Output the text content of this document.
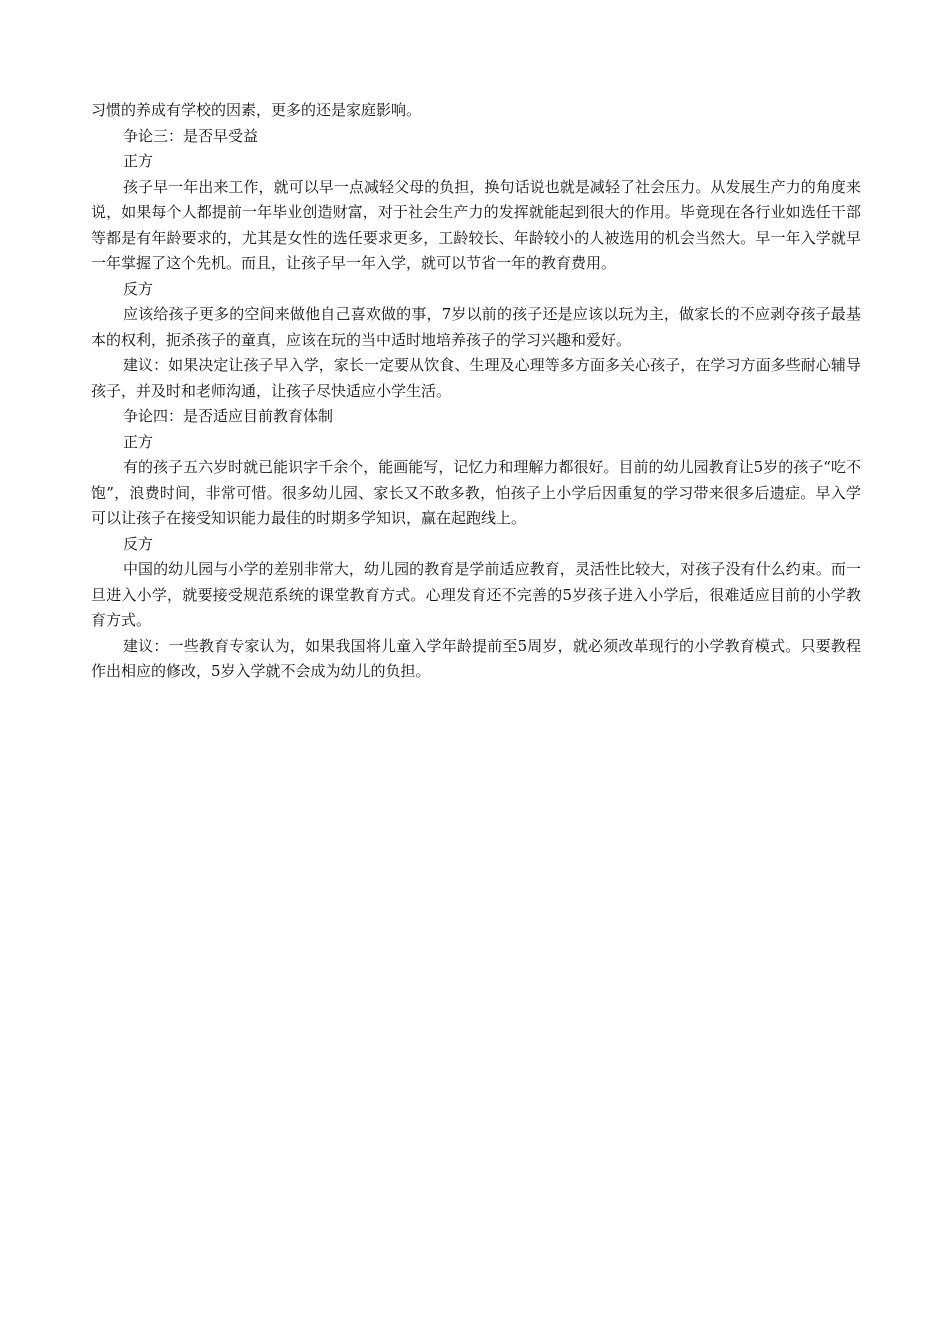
习惯的养成有学校的因素，更多的还是家庭影响。

争论三：是否早受益

正方

孩子早一年出来工作，就可以早一点减轻父母的负担，换句话说也就是减轻了社会压力。从发展生产力的角度来说，如果每个人都提前一年毕业创造财富，对于社会生产力的发挥就能起到很大的作用。毕竟现在各行业如选任干部等都是有年龄要求的，尤其是女性的选任要求更多，工龄较长、年龄较小的人被选用的机会当然大。早一年入学就早一年掌握了这个先机。而且，让孩子早一年入学，就可以节省一年的教育费用。

反方

应该给孩子更多的空间来做他自己喜欢做的事，7岁以前的孩子还是应该以玩为主，做家长的不应剥夺孩子最基本的权利，扼杀孩子的童真，应该在玩的当中适时地培养孩子的学习兴趣和爱好。

建议：如果决定让孩子早入学，家长一定要从饮食、生理及心理等多方面多关心孩子，在学习方面多些耐心辅导孩子，并及时和老师沟通，让孩子尽快适应小学生活。

争论四：是否适应目前教育体制

正方

有的孩子五六岁时就已能识字千余个，能画能写，记忆力和理解力都很好。目前的幼儿园教育让5岁的孩子“吃不饱”，浪费时间，非常可惜。很多幼儿园、家长又不敢多教，怕孩子上小学后因重复的学习带来很多后遗症。早入学可以让孩子在接受知识能力最佳的时期多学知识，赢在起跑线上。

反方

中国的幼儿园与小学的差别非常大，幼儿园的教育是学前适应教育，灵活性比较大，对孩子没有什么约束。而一旦进入小学，就要接受规范系统的课堂教育方式。心理发育还不完善的5岁孩子进入小学后，很难适应目前的小学教育方式。

建议：一些教育专家认为，如果我国将儿童入学年龄提前至5周岁，就必须改革现行的小学教育模式。只要教程作出相应的修改，5岁入学就不会成为幼儿的负担。
